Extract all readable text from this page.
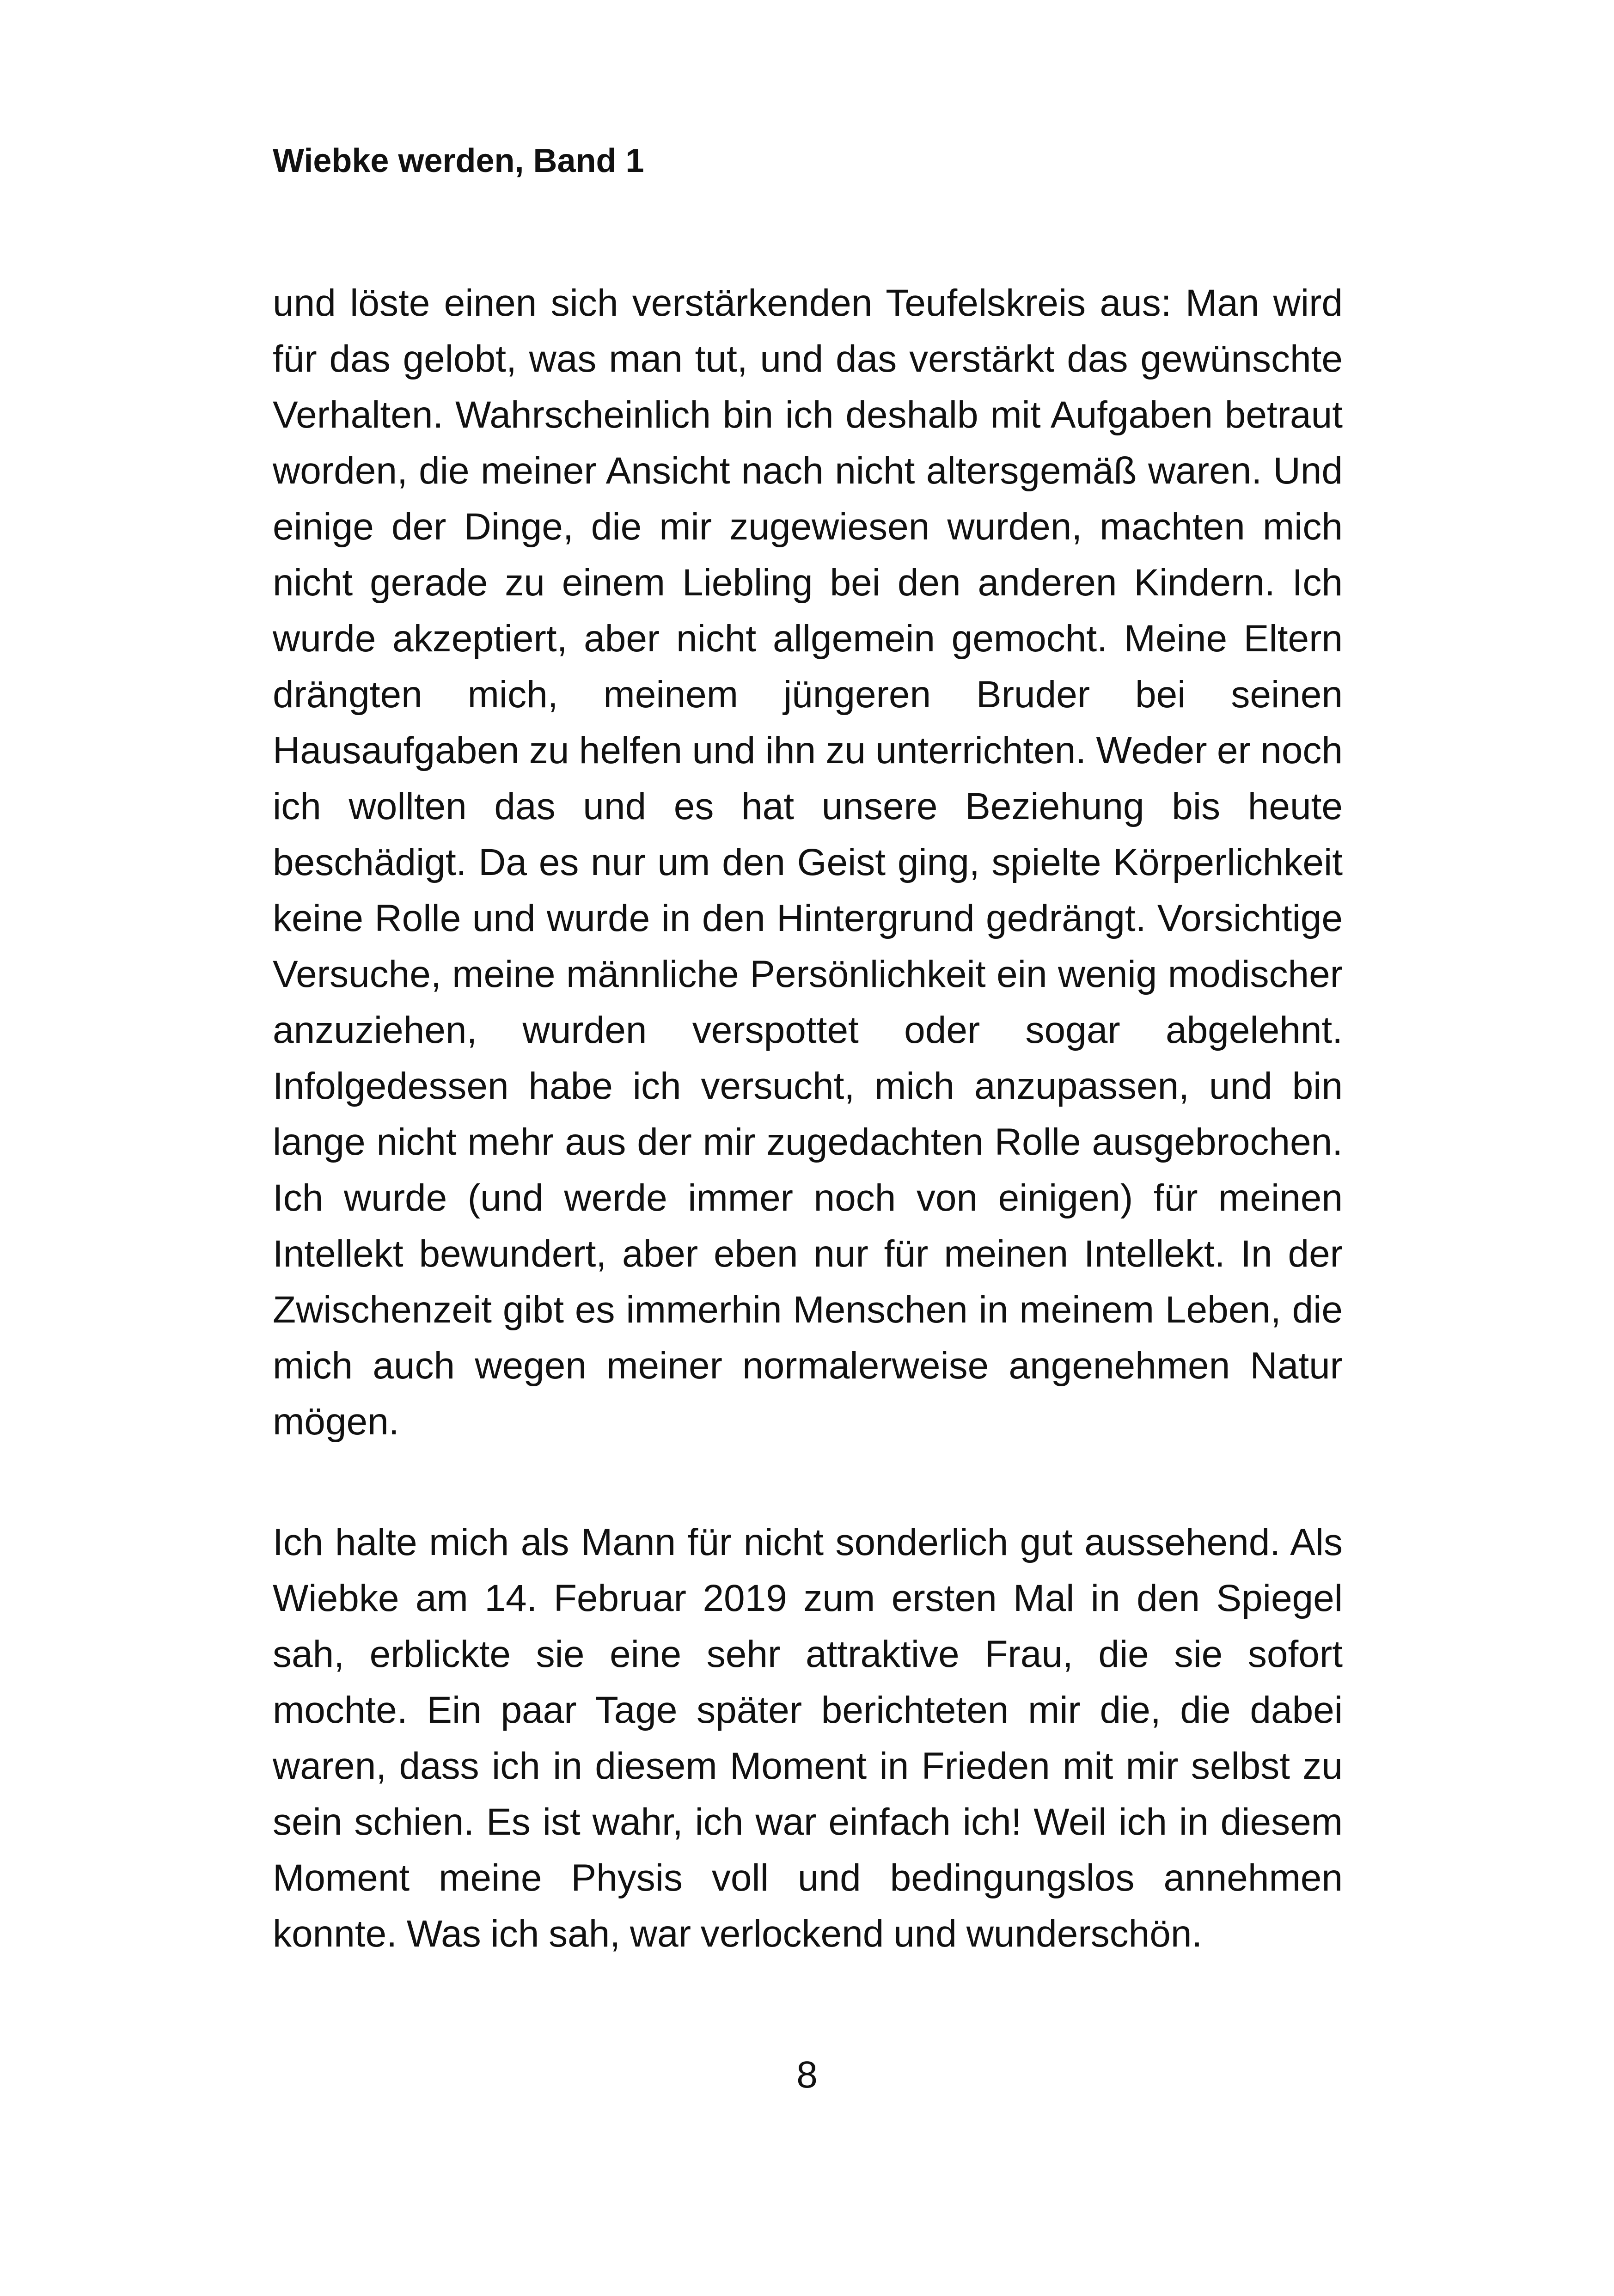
Wiebke werden, Band 1

und löste einen sich verstärkenden Teufelskreis aus: Man wird für das gelobt, was man tut, und das verstärkt das gewünschte Verhalten. Wahrscheinlich bin ich deshalb mit Aufgaben betraut worden, die meiner Ansicht nach nicht altersgemäß waren. Und einige der Dinge, die mir zugewiesen wurden, machten mich nicht gerade zu einem Liebling bei den anderen Kindern. Ich wurde akzeptiert, aber nicht allgemein gemocht. Meine Eltern drängten mich, meinem jüngeren Bruder bei seinen Hausaufgaben zu helfen und ihn zu unterrichten. Weder er noch ich wollten das und es hat unsere Beziehung bis heute beschädigt. Da es nur um den Geist ging, spielte Körperlichkeit keine Rolle und wurde in den Hintergrund gedrängt. Vorsichtige Versuche, meine männliche Persönlichkeit ein wenig modischer anzuziehen, wurden verspottet oder sogar abgelehnt. Infolgedessen habe ich versucht, mich anzupassen, und bin lange nicht mehr aus der mir zugedachten Rolle ausgebrochen. Ich wurde (und werde immer noch von einigen) für meinen Intellekt bewundert, aber eben nur für meinen Intellekt. In der Zwischenzeit gibt es immerhin Menschen in meinem Leben, die mich auch wegen meiner normalerweise angenehmen Natur mögen.

Ich halte mich als Mann für nicht sonderlich gut aussehend. Als Wiebke am 14. Februar 2019 zum ersten Mal in den Spiegel sah, erblickte sie eine sehr attraktive Frau, die sie sofort mochte. Ein paar Tage später berichteten mir die, die dabei waren, dass ich in diesem Moment in Frieden mit mir selbst zu sein schien. Es ist wahr, ich war einfach ich! Weil ich in diesem Moment meine Physis voll und bedingungslos annehmen konnte. Was ich sah, war verlockend und wunderschön.

8
